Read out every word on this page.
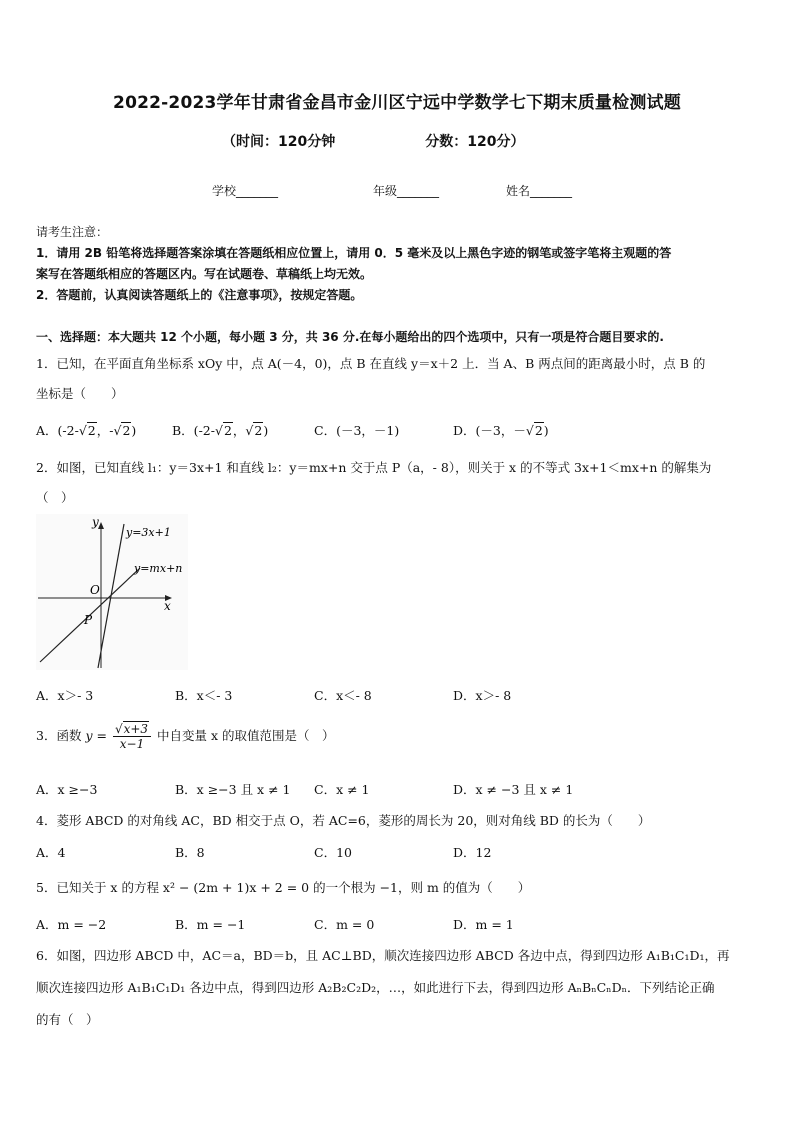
2022-2023学年甘肃省金昌市金川区宁远中学数学七下期末质量检测试题
（时间：120分钟	分数：120分）
学校_______	年级_______	姓名_______
请考生注意：
1．请用 2B 铅笔将选择题答案涂填在答题纸相应位置上，请用 0．5 毫米及以上黑色字迹的钢笔或签字笔将主观题的答
案写在答题纸相应的答题区内。写在试题卷、草稿纸上均无效。
2．答题前，认真阅读答题纸上的《注意事项》，按规定答题。
一、选择题：本大题共 12 个小题，每小题 3 分，共 36 分.在每小题给出的四个选项中，只有一项是符合题目要求的.
1．已知，在平面直角坐标系 xOy 中，点 A(－4，0)，点 B 在直线 y＝x＋2 上．当 A、B 两点间的距离最小时，点 B 的
坐标是（　　）
A．(-2-√2，-√2)	B．(-2-√2，√2)	C．(－3，－1)	D．(－3，－√2)
2．如图，已知直线 l₁：y＝3x+1 和直线 l₂：y＝mx+n 交于点 P（a，- 8），则关于 x 的不等式 3x+1＜mx+n 的解集为
（　）
y
x
O
P
y=3x+1
y=mx+n
A．x＞- 3	B．x＜- 3	C．x＜- 8	D．x＞- 8
3．函数 $y = \frac{√x+3}{x-1}$ 中自变量 x 的取值范围是（　）
A．x ≥−3	B．x ≥−3 且 x ≠ 1 C．x ≠ 1	D．x ≠ −3 且 x ≠ 1
4．菱形 ABCD 的对角线 AC，BD 相交于点 O，若 AC=6，菱形的周长为 20，则对角线 BD 的长为（　　）
A．4	B．8	C．10	D．12
5．已知关于 x 的方程 x² − (2m + 1)x + 2 = 0 的一个根为 −1，则 m 的值为（　　）
A．m = −2	B．m = −1	C．m = 0	D．m = 1
6．如图，四边形 ABCD 中，AC＝a，BD＝b，且 AC⊥BD，顺次连接四边形 ABCD 各边中点，得到四边形 A₁B₁C₁D₁，再
顺次连接四边形 A₁B₁C₁D₁ 各边中点，得到四边形 A₂B₂C₂D₂，…，如此进行下去，得到四边形 AₙBₙCₙDₙ．下列结论正确
的有（　）
